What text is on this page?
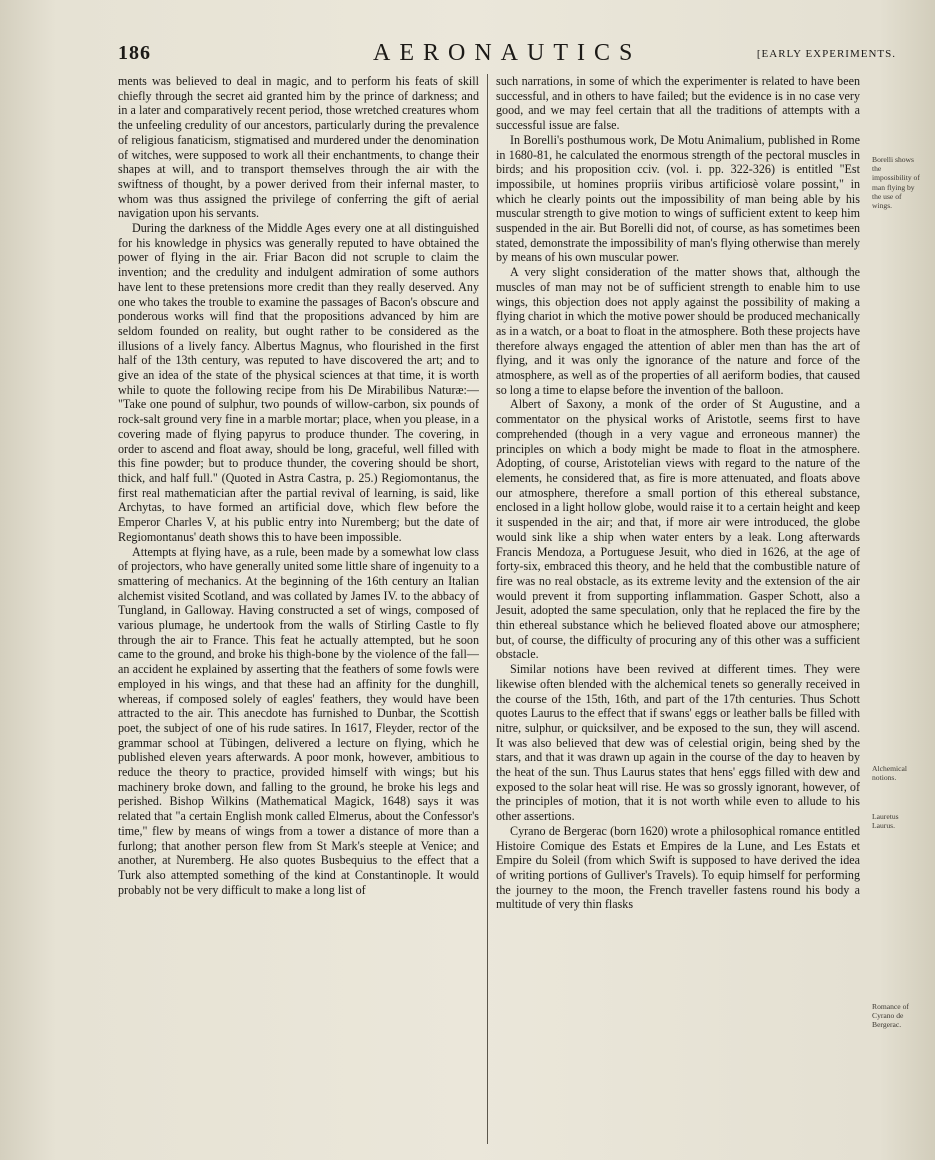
186	AERONAUTICS	[EARLY EXPERIMENTS.

ments was believed to deal in magic, and to perform his feats of skill chiefly through the secret aid granted him by the prince of darkness; and in a later and comparatively recent period, those wretched creatures whom the unfeeling credulity of our ancestors, particularly during the prevalence of religious fanaticism, stigmatised and murdered under the denomination of witches, were supposed to work all their enchantments, to change their shapes at will, and to transport themselves through the air with the swiftness of thought, by a power derived from their infernal master, to whom was thus assigned the privilege of conferring the gift of aerial navigation upon his servants.

During the darkness of the Middle Ages every one at all distinguished for his knowledge in physics was generally reputed to have obtained the power of flying in the air. Friar Bacon did not scruple to claim the invention; and the credulity and indulgent admiration of some authors have lent to these pretensions more credit than they really deserved. Any one who takes the trouble to examine the passages of Bacon's obscure and ponderous works will find that the propositions advanced by him are seldom founded on reality, but ought rather to be considered as the illusions of a lively fancy. Albertus Magnus, who flourished in the first half of the 13th century, was reputed to have discovered the art; and to give an idea of the state of the physical sciences at that time, it is worth while to quote the following recipe from his De Mirabilibus Naturæ:— "Take one pound of sulphur, two pounds of willow-carbon, six pounds of rock-salt ground very fine in a marble mortar; place, when you please, in a covering made of flying papyrus to produce thunder. The covering, in order to ascend and float away, should be long, graceful, well filled with this fine powder; but to produce thunder, the covering should be short, thick, and half full." (Quoted in Astra Castra, p. 25.) Regiomontanus, the first real mathematician after the partial revival of learning, is said, like Archytas, to have formed an artificial dove, which flew before the Emperor Charles V, at his public entry into Nuremberg; but the date of Regiomontanus' death shows this to have been impossible.

Attempts at flying have, as a rule, been made by a somewhat low class of projectors, who have generally united some little share of ingenuity to a smattering of mechanics. At the beginning of the 16th century an Italian alchemist visited Scotland, and was collated by James IV. to the abbacy of Tungland, in Galloway. Having constructed a set of wings, composed of various plumage, he undertook from the walls of Stirling Castle to fly through the air to France. This feat he actually attempted, but he soon came to the ground, and broke his thigh-bone by the violence of the fall—an accident he explained by asserting that the feathers of some fowls were employed in his wings, and that these had an affinity for the dunghill, whereas, if composed solely of eagles' feathers, they would have been attracted to the air. This anecdote has furnished to Dunbar, the Scottish poet, the subject of one of his rude satires. In 1617, Fleyder, rector of the grammar school at Tübingen, delivered a lecture on flying, which he published eleven years afterwards. A poor monk, however, ambitious to reduce the theory to practice, provided himself with wings; but his machinery broke down, and falling to the ground, he broke his legs and perished. Bishop Wilkins (Mathematical Magick, 1648) says it was related that "a certain English monk called Elmerus, about the Confessor's time," flew by means of wings from a tower a distance of more than a furlong; that another person flew from St Mark's steeple at Venice; and another, at Nuremberg. He also quotes Busbequius to the effect that a Turk also attempted something of the kind at Constantinople. It would probably not be very difficult to make a long list of

such narrations, in some of which the experimenter is related to have been successful, and in others to have failed; but the evidence is in no case very good, and we may feel certain that all the traditions of attempts with a successful issue are false.

In Borelli's posthumous work, De Motu Animalium, published in Rome in 1680-81, he calculated the enormous strength of the pectoral muscles in birds; and his proposition cciv. (vol. i. pp. 322-326) is entitled "Est impossibile, ut homines propriis viribus artificiosè volare possint," in which he clearly points out the impossibility of man being able by his muscular strength to give motion to wings of sufficient extent to keep him suspended in the air. But Borelli did not, of course, as has sometimes been stated, demonstrate the impossibility of man's flying otherwise than merely by means of his own muscular power.

A very slight consideration of the matter shows that, although the muscles of man may not be of sufficient strength to enable him to use wings, this objection does not apply against the possibility of making a flying chariot in which the motive power should be produced mechanically as in a watch, or a boat to float in the atmosphere. Both these projects have therefore always engaged the attention of abler men than has the art of flying, and it was only the ignorance of the nature and force of the atmosphere, as well as of the properties of all aeriform bodies, that caused so long a time to elapse before the invention of the balloon.

Albert of Saxony, a monk of the order of St Augustine, and a commentator on the physical works of Aristotle, seems first to have comprehended (though in a very vague and erroneous manner) the principles on which a body might be made to float in the atmosphere. Adopting, of course, Aristotelian views with regard to the nature of the elements, he considered that, as fire is more attenuated, and floats above our atmosphere, therefore a small portion of this ethereal substance, enclosed in a light hollow globe, would raise it to a certain height and keep it suspended in the air; and that, if more air were introduced, the globe would sink like a ship when water enters by a leak. Long afterwards Francis Mendoza, a Portuguese Jesuit, who died in 1626, at the age of forty-six, embraced this theory, and he held that the combustible nature of fire was no real obstacle, as its extreme levity and the extension of the air would prevent it from supporting inflammation. Gasper Schott, also a Jesuit, adopted the same speculation, only that he replaced the fire by the thin ethereal substance which he believed floated above our atmosphere; but, of course, the difficulty of procuring any of this other was a sufficient obstacle.

Similar notions have been revived at different times. They were likewise often blended with the alchemical tenets so generally received in the course of the 15th, 16th, and part of the 17th centuries. Thus Schott quotes Laurus to the effect that if swans' eggs or leather balls be filled with nitre, sulphur, or quicksilver, and be exposed to the sun, they will ascend. It was also believed that dew was of celestial origin, being shed by the stars, and that it was drawn up again in the course of the day to heaven by the heat of the sun. Thus Laurus states that hens' eggs filled with dew and exposed to the solar heat will rise. He was so grossly ignorant, however, of the principles of motion, that it is not worth while even to allude to his other assertions.

Cyrano de Bergerac (born 1620) wrote a philosophical romance entitled Histoire Comique des Estats et Empires de la Lune, and Les Estats et Empire du Soleil (from which Swift is supposed to have derived the idea of writing portions of Gulliver's Travels). To equip himself for performing the journey to the moon, the French traveller fastens round his body a multitude of very thin flasks

Borelli shows the impossibility of man flying by the use of wings.
Alchemical notions.
Lauretus Laurus.
Romance of Cyrano de Bergerac.
